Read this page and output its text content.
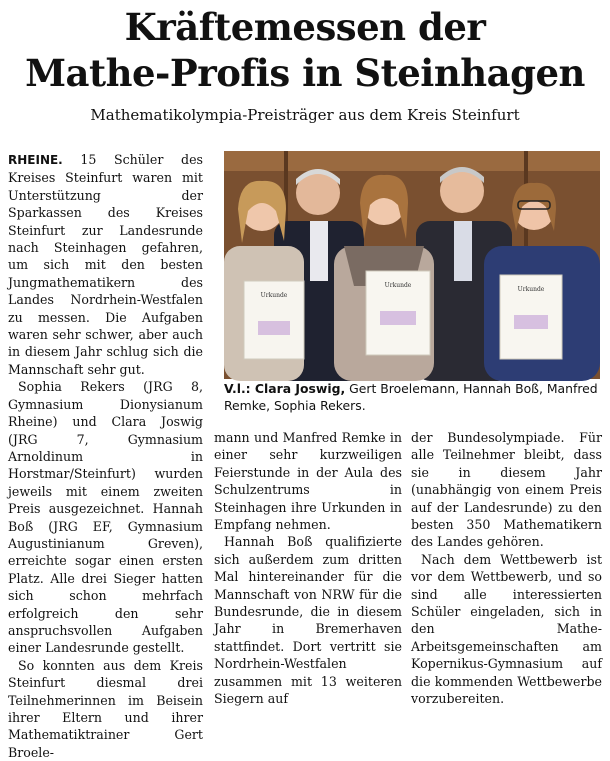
Kräftemessen der
Mathe-Profis in Steinhagen
Mathematikolympia-Preisträger aus dem Kreis Steinfurt

RHEINE. 15 Schüler des Kreises Steinfurt waren mit Unterstützung der Sparkassen des Kreises Steinfurt zur Landesrunde nach Steinhagen gefahren, um sich mit den besten Jungmathematikern des Landes Nordrhein-Westfalen zu messen. Die Aufgaben waren sehr schwer, aber auch in diesem Jahr schlug sich die Mannschaft sehr gut.

Sophia Rekers (JRG 8, Gymnasium Dionysianum Rheine) und Clara Joswig (JRG 7, Gymnasium Arnoldinum in Horstmar/Steinfurt) wurden jeweils mit einem zweiten Preis ausgezeichnet. Hannah Boß (JRG EF, Gymnasium Augustinianum Greven), erreichte sogar einen ersten Platz. Alle drei Sieger hatten sich schon mehrfach erfolgreich den sehr anspruchsvollen Aufgaben einer Landesrunde gestellt.

So konnten aus dem Kreis Steinfurt diesmal drei Teilnehmerinnen im Beisein ihrer Eltern und ihrer Mathematiktrainer Gert Broele-

Urkunde
Urkunde
Urkunde
V.l.: Clara Joswig, Gert Broelemann, Hannah Boß, Manfred Remke, Sophia Rekers.

mann und Manfred Remke in einer sehr kurzweiligen Feierstunde in der Aula des Schulzentrums in Steinhagen ihre Urkunden in Empfang nehmen.

Hannah Boß qualifizierte sich außerdem zum dritten Mal hintereinander für die Mannschaft von NRW für die Bundesrunde, die in diesem Jahr in Bremerhaven stattfindet. Dort vertritt sie Nordrhein-Westfalen zusammen mit 13 weiteren Siegern auf

der Bundesolympiade. Für alle Teilnehmer bleibt, dass sie in diesem Jahr (unabhängig von einem Preis auf der Landesrunde) zu den besten 350 Mathematikern des Landes gehören.

Nach dem Wettbewerb ist vor dem Wettbewerb, und so sind alle interessierten Schüler eingeladen, sich in den Mathe-Arbeitsgemeinschaften am Kopernikus-Gymnasium auf die kommenden Wettbewerbe vorzubereiten.
